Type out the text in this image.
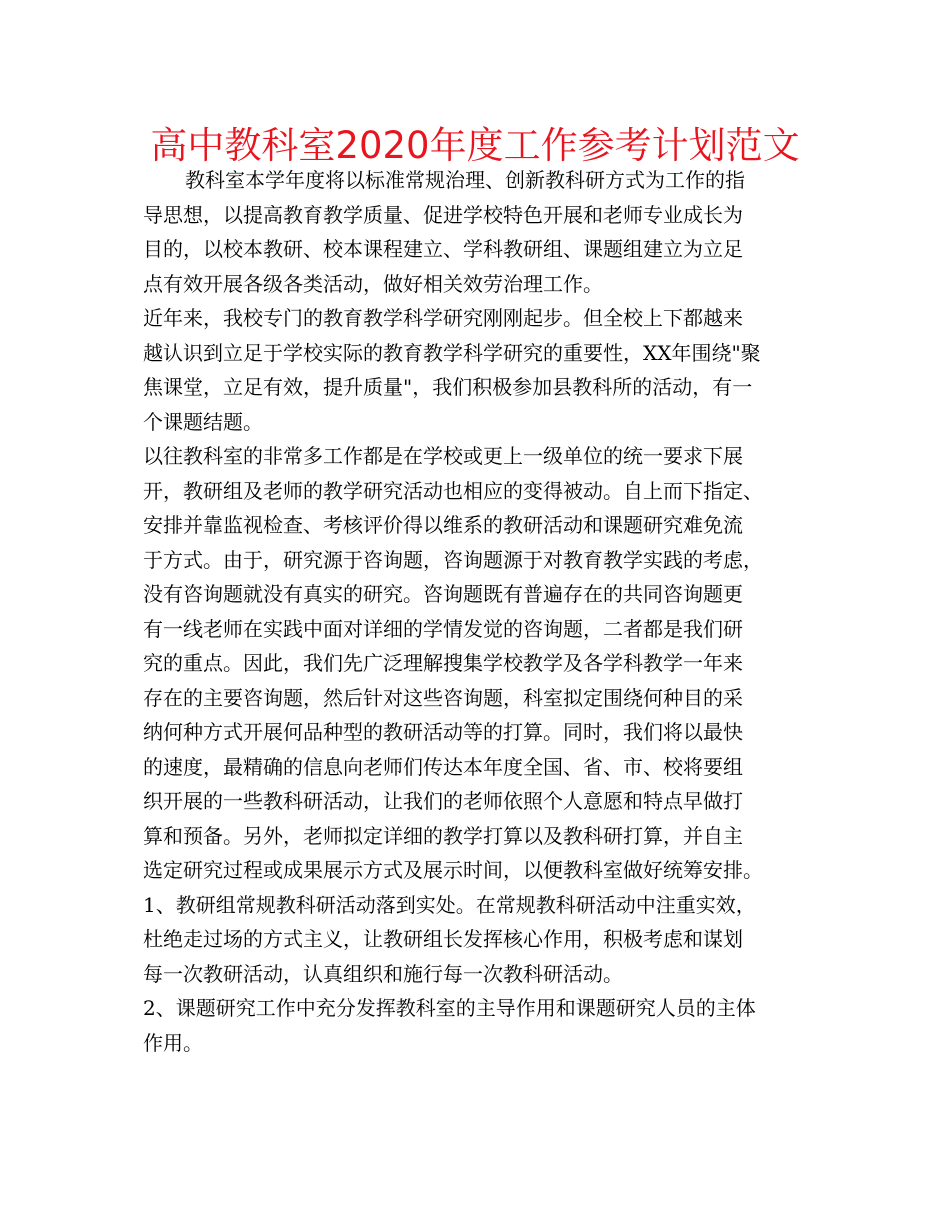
高中教科室2020年度工作参考计划范文
教科室本学年度将以标准常规治理、创新教科研方式为工作的指
导思想，以提高教育教学质量、促进学校特色开展和老师专业成长为
目的，以校本教研、校本课程建立、学科教研组、课题组建立为立足
点有效开展各级各类活动，做好相关效劳治理工作。
近年来，我校专门的教育教学科学研究刚刚起步。但全校上下都越来
越认识到立足于学校实际的教育教学科学研究的重要性，XX年围绕"聚
焦课堂，立足有效，提升质量"，我们积极参加县教科所的活动，有一
个课题结题。
以往教科室的非常多工作都是在学校或更上一级单位的统一要求下展
开，教研组及老师的教学研究活动也相应的变得被动。自上而下指定、
安排并靠监视检查、考核评价得以维系的教研活动和课题研究难免流
于方式。由于，研究源于咨询题，咨询题源于对教育教学实践的考虑，
没有咨询题就没有真实的研究。咨询题既有普遍存在的共同咨询题更
有一线老师在实践中面对详细的学情发觉的咨询题，二者都是我们研
究的重点。因此，我们先广泛理解搜集学校教学及各学科教学一年来
存在的主要咨询题，然后针对这些咨询题，科室拟定围绕何种目的采
纳何种方式开展何品种型的教研活动等的打算。同时，我们将以最快
的速度，最精确的信息向老师们传达本年度全国、省、市、校将要组
织开展的一些教科研活动，让我们的老师依照个人意愿和特点早做打
算和预备。另外，老师拟定详细的教学打算以及教科研打算，并自主
选定研究过程或成果展示方式及展示时间，以便教科室做好统筹安排。
1、教研组常规教科研活动落到实处。在常规教科研活动中注重实效，
杜绝走过场的方式主义，让教研组长发挥核心作用，积极考虑和谋划
每一次教研活动，认真组织和施行每一次教科研活动。
2、课题研究工作中充分发挥教科室的主导作用和课题研究人员的主体
作用。
